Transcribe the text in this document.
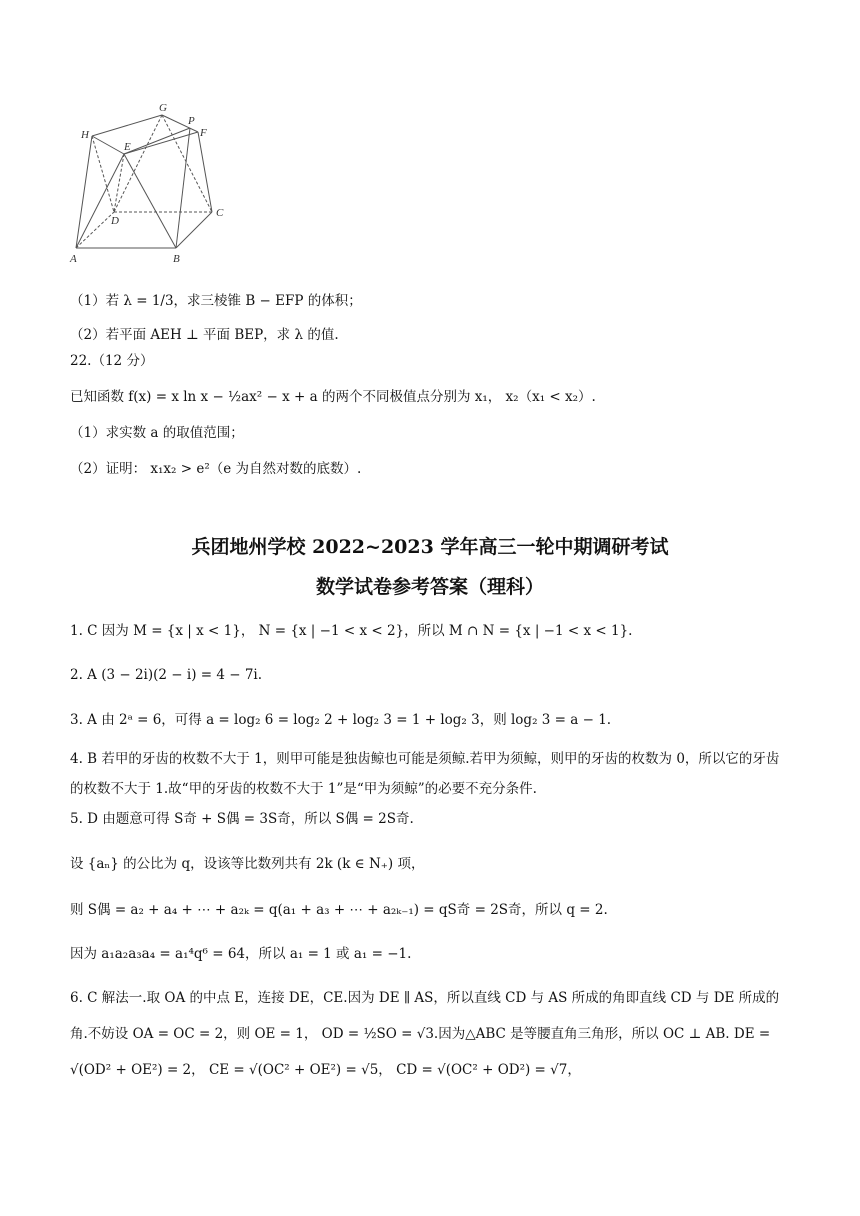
G
P
F
H
E
D
C
A	B
（1）若 λ = 1/3，求三棱锥 B − EFP 的体积；
（2）若平面 AEH ⊥ 平面 BEP，求 λ 的值.
22.（12 分）
已知函数 f(x) = x ln x − ½ax² − x + a 的两个不同极值点分别为 x₁， x₂（x₁ < x₂）.
（1）求实数 a 的取值范围；
（2）证明： x₁x₂ > e²（e 为自然对数的底数）.
兵团地州学校 2022~2023 学年高三一轮中期调研考试
数学试卷参考答案（理科）
1. C 因为 M = {x | x < 1}， N = {x | −1 < x < 2}，所以 M ∩ N = {x | −1 < x < 1}.
2. A (3 − 2i)(2 − i) = 4 − 7i.
3. A 由 2ᵃ = 6，可得 a = log₂ 6 = log₂ 2 + log₂ 3 = 1 + log₂ 3，则 log₂ 3 = a − 1.
4. B 若甲的牙齿的枚数不大于 1，则甲可能是独齿鲸也可能是须鲸.若甲为须鲸，则甲的牙齿的枚数为 0，所以它的牙齿的枚数不大于 1.故“甲的牙齿的枚数不大于 1”是“甲为须鲸”的必要不充分条件.
5. D 由题意可得 S奇 + S偶 = 3S奇，所以 S偶 = 2S奇.
设 {aₙ} 的公比为 q，设该等比数列共有 2k (k ∈ N₊) 项，
则 S偶 = a₂ + a₄ + ⋯ + a₂ₖ = q(a₁ + a₃ + ⋯ + a₂ₖ₋₁) = qS奇 = 2S奇，所以 q = 2.
因为 a₁a₂a₃a₄ = a₁⁴q⁶ = 64，所以 a₁ = 1 或 a₁ = −1.
6. C 解法一.取 OA 的中点 E，连接 DE，CE.因为 DE ∥ AS，所以直线 CD 与 AS 所成的角即直线 CD 与 DE 所成的角.不妨设 OA = OC = 2，则 OE = 1， OD = ½SO = √3.因为△ABC 是等腰直角三角形，所以 OC ⊥ AB. DE = √(OD² + OE²) = 2， CE = √(OC² + OE²) = √5， CD = √(OC² + OD²) = √7，
